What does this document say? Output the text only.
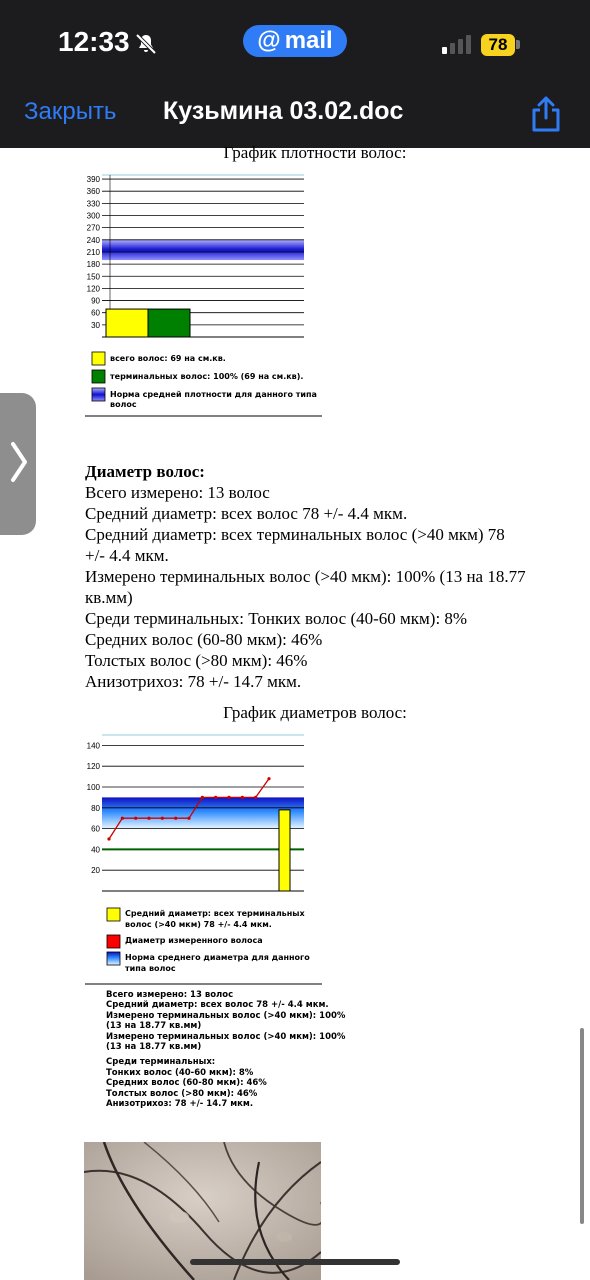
12:33	@ mail	78
Закрыть Кузьмина 03.02.doc
График плотности волос:
30
60
90
120
150
180
210
240
270
300
330
360
390
всего волос: 69 на см.кв.
терминальных волос: 100% (69 на см.кв).
Норма средней плотности для данного типа
волос
Диаметр волос:
Всего измерено: 13 волос
Средний диаметр: всех волос 78 +/- 4.4 мкм.
Средний диаметр: всех терминальных волос (>40 мкм) 78
+/- 4.4 мкм.
Измерено терминальных волос (>40 мкм): 100% (13 на 18.77
кв.мм)
Среди терминальных: Тонких волос (40-60 мкм): 8%
Средних волос (60-80 мкм): 46%
Толстых волос (>80 мкм): 46%
Анизотрихоз: 78 +/- 14.7 мкм.
График диаметров волос:
20
40
60
80
100
120
140
Средний диаметр: всех терминальных
волос (>40 мкм) 78 +/- 4.4 мкм.
Диаметр измеренного волоса
Норма среднего диаметра для данного
типа волос
Всего измерено: 13 волос
Средний диаметр: всех волос 78 +/- 4.4 мкм.
Измерено терминальных волос (>40 мкм): 100%
(13 на 18.77 кв.мм)
Измерено терминальных волос (>40 мкм): 100%
(13 на 18.77 кв.мм)
Среди терминальных:
Тонких волос (40-60 мкм): 8%
Средних волос (60-80 мкм): 46%
Толстых волос (>80 мкм): 46%
Анизотрихоз: 78 +/- 14.7 мкм.
